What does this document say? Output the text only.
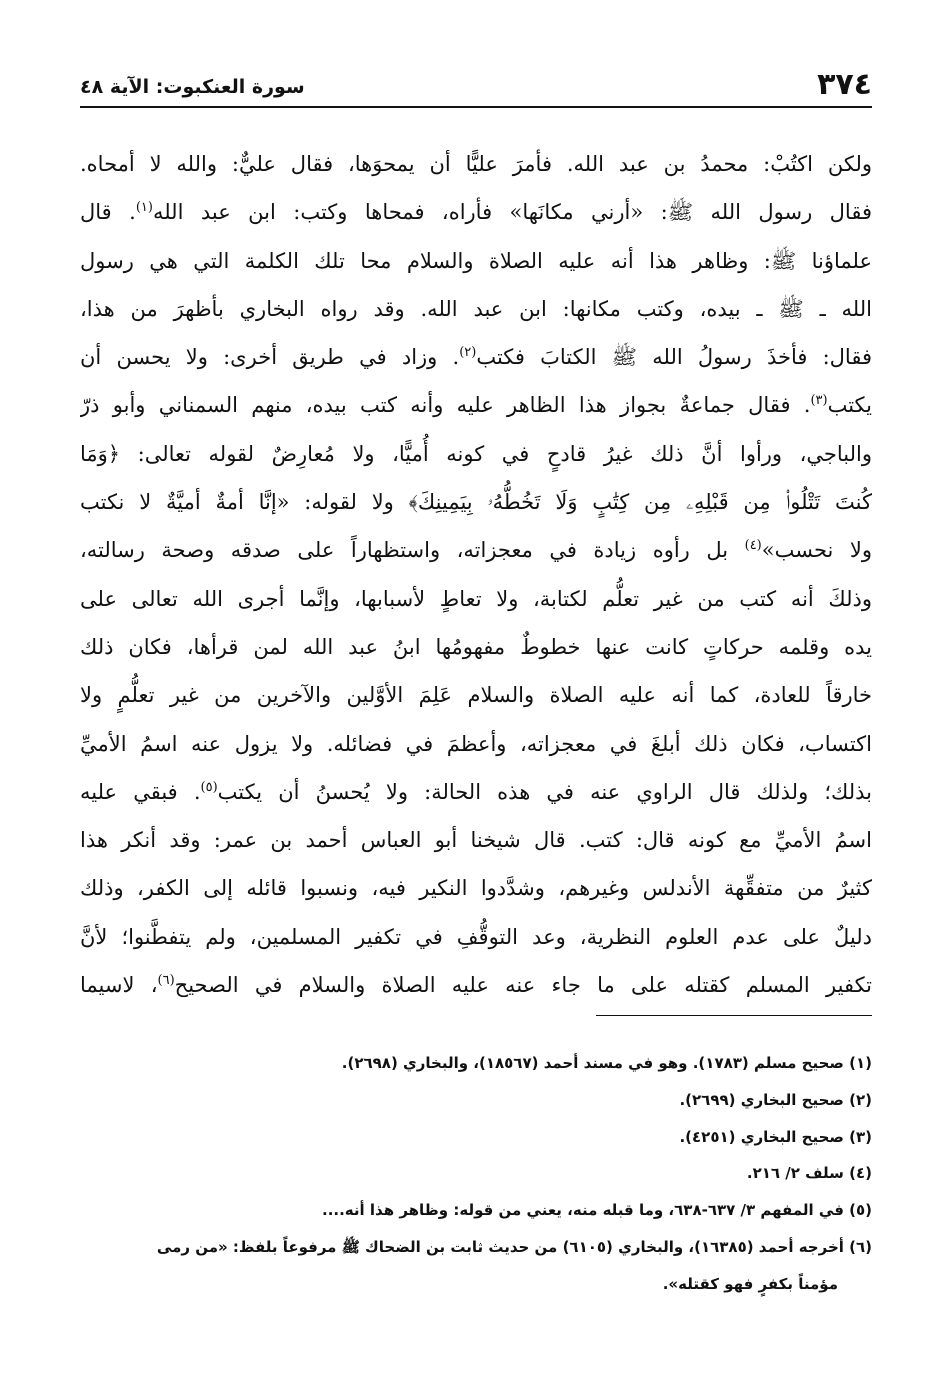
٣٧٤
سورة العنكبوت: الآية ٤٨
ولكن اكتُبْ: محمدُ بن عبد الله. فأمرَ عليًّا أن يمحوَها، فقال عليٌّ: والله لا أمحاه.
فقال رسول الله ﷺ: «أرني مكانَها» فأراه، فمحاها وكتب: ابن عبد الله$^{(١)}$. قال
علماؤنا ﷺ: وظاهر هذا أنه عليه الصلاة والسلام محا تلك الكلمة التي هي رسول
الله ـ ﷺ ـ بيده، وكتب مكانها: ابن عبد الله. وقد رواه البخاري بأظهرَ من هذا،
فقال: فأخذَ رسولُ الله ﷺ الكتابَ فكتب$^{(٢)}$. وزاد في طريق أخرى: ولا يحسن أن
يكتب$^{(٣)}$. فقال جماعةٌ بجواز هذا الظاهر عليه وأنه كتب بيده، منهم السمناني وأبو ذرّ
والباجي، ورأوا أنَّ ذلك غيرُ قادحٍ في كونه أُميًّا، ولا مُعارِضٌ لقوله تعالى: ﴿وَمَا
كُنتَ تَتْلُوا۟ مِن قَبْلِهِۦ مِن كِتَٰبٍ وَلَا تَخُطُّهُۥ بِيَمِينِكَ﴾ ولا لقوله: «إنَّا أمةٌ أميَّةٌ لا نكتب
ولا نحسب»$^{(٤)}$ بل رأوه زيادة في معجزاته، واستظهاراً على صدقه وصحة رسالته،
وذلكَ أنه كتب من غير تعلُّم لكتابة، ولا تعاطٍ لأسبابها، وإنَّما أجرى الله تعالى على
يده وقلمه حركاتٍ كانت عنها خطوطٌ مفهومُها ابنُ عبد الله لمن قرأها، فكان ذلك
خارقاً للعادة، كما أنه عليه الصلاة والسلام عَلِمَ الأوَّلين والآخرين من غير تعلُّمٍ ولا
اكتساب، فكان ذلك أبلغَ في معجزاته، وأعظمَ في فضائله. ولا يزول عنه اسمُ الأميِّ
بذلك؛ ولذلك قال الراوي عنه في هذه الحالة: ولا يُحسنُ أن يكتب$^{(٥)}$. فبقي عليه
اسمُ الأميِّ مع كونه قال: كتب. قال شيخنا أبو العباس أحمد بن عمر: وقد أنكر هذا
كثيرٌ من متفقِّهة الأندلس وغيرهم، وشدَّدوا النكير فيه، ونسبوا قائله إلى الكفر، وذلك
دليلٌ على عدم العلوم النظرية، وعد التوقُّفِ في تكفير المسلمين، ولم يتفطَّنوا؛ لأنَّ
تكفير المسلم كقتله على ما جاء عنه عليه الصلاة والسلام في الصحيح$^{(٦)}$، لاسيما
(١) صحيح مسلم (١٧٨٣). وهو في مسند أحمد (١٨٥٦٧)، والبخاري (٢٦٩٨).
(٢) صحيح البخاري (٢٦٩٩).
(٣) صحيح البخاري (٤٢٥١).
(٤) سلف ٢/ ٢١٦.
(٥) في المفهم ٣/ ٦٣٧-٦٣٨، وما قبله منه، يعني من قوله: وظاهر هذا أنه....
(٦) أخرجه أحمد (١٦٣٨٥)، والبخاري (٦١٠٥) من حديث ثابت بن الضحاك ﷺ مرفوعاً بلفظ: «من رمى
مؤمناً بكفرٍ فهو كقتله».
